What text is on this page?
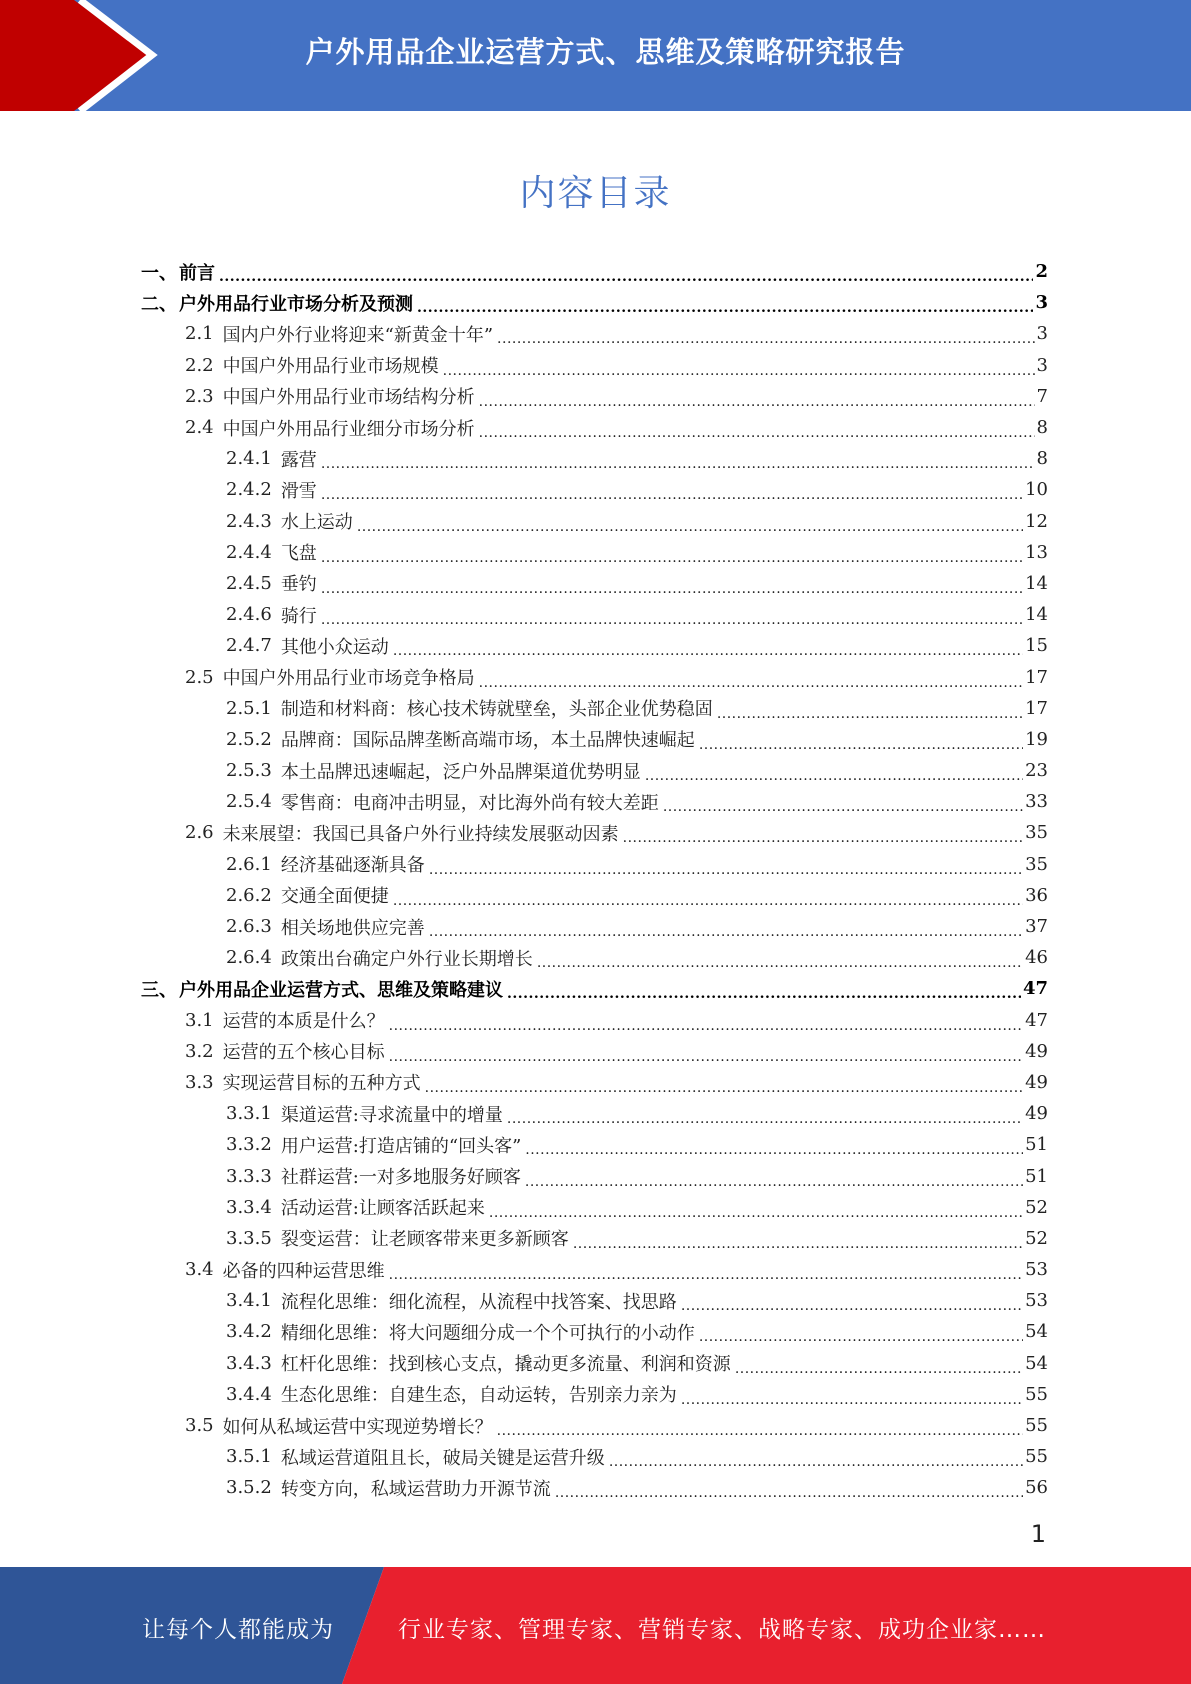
户外用品企业运营方式、思维及策略研究报告
内容目录
一、 前言 .....	2
二、 户外用品行业市场分析及预测 .....	3
2.1 国内户外行业将迎来“新黄金十年” .....	3
2.2 中国户外用品行业市场规模 .....	3
2.3 中国户外用品行业市场结构分析 .....	7
2.4 中国户外用品行业细分市场分析 .....	8
2.4.1 露营 .....	8
2.4.2 滑雪 .....	10
2.4.3 水上运动 .....	12
2.4.4 飞盘 .....	13
2.4.5 垂钓 .....	14
2.4.6 骑行 .....	14
2.4.7 其他小众运动 .....	15
2.5 中国户外用品行业市场竞争格局 .....	17
2.5.1 制造和材料商：核心技术铸就壁垒，头部企业优势稳固 .....	17
2.5.2 品牌商：国际品牌垄断高端市场，本土品牌快速崛起 .....	19
2.5.3 本土品牌迅速崛起，泛户外品牌渠道优势明显 .....	23
2.5.4 零售商：电商冲击明显，对比海外尚有较大差距 .....	33
2.6 未来展望：我国已具备户外行业持续发展驱动因素 .....	35
2.6.1 经济基础逐渐具备 .....	35
2.6.2 交通全面便捷 .....	36
2.6.3 相关场地供应完善 .....	37
2.6.4 政策出台确定户外行业长期增长 .....	46
三、 户外用品企业运营方式、思维及策略建议 .....	47
3.1 运营的本质是什么？ .....	47
3.2 运营的五个核心目标 .....	49
3.3 实现运营目标的五种方式 .....	49
3.3.1 渠道运营:寻求流量中的增量 .....	49
3.3.2 用户运营:打造店铺的“回头客” .....	51
3.3.3 社群运营:一对多地服务好顾客 .....	51
3.3.4 活动运营:让顾客活跃起来 .....	52
3.3.5 裂变运营：让老顾客带来更多新顾客 .....	52
3.4 必备的四种运营思维 .....	53
3.4.1 流程化思维：细化流程，从流程中找答案、找思路 .....	53
3.4.2 精细化思维：将大问题细分成一个个可执行的小动作 .....	54
3.4.3 杠杆化思维：找到核心支点，撬动更多流量、利润和资源 .....	54
3.4.4 生态化思维：自建生态，自动运转，告别亲力亲为 .....	55
3.5 如何从私域运营中实现逆势增长？ .....	55
3.5.1 私域运营道阻且长，破局关键是运营升级 .....	55
3.5.2 转变方向，私域运营助力开源节流 .....	56
1
让每个人都能成为	行业专家、管理专家、营销专家、战略专家、成功企业家……
